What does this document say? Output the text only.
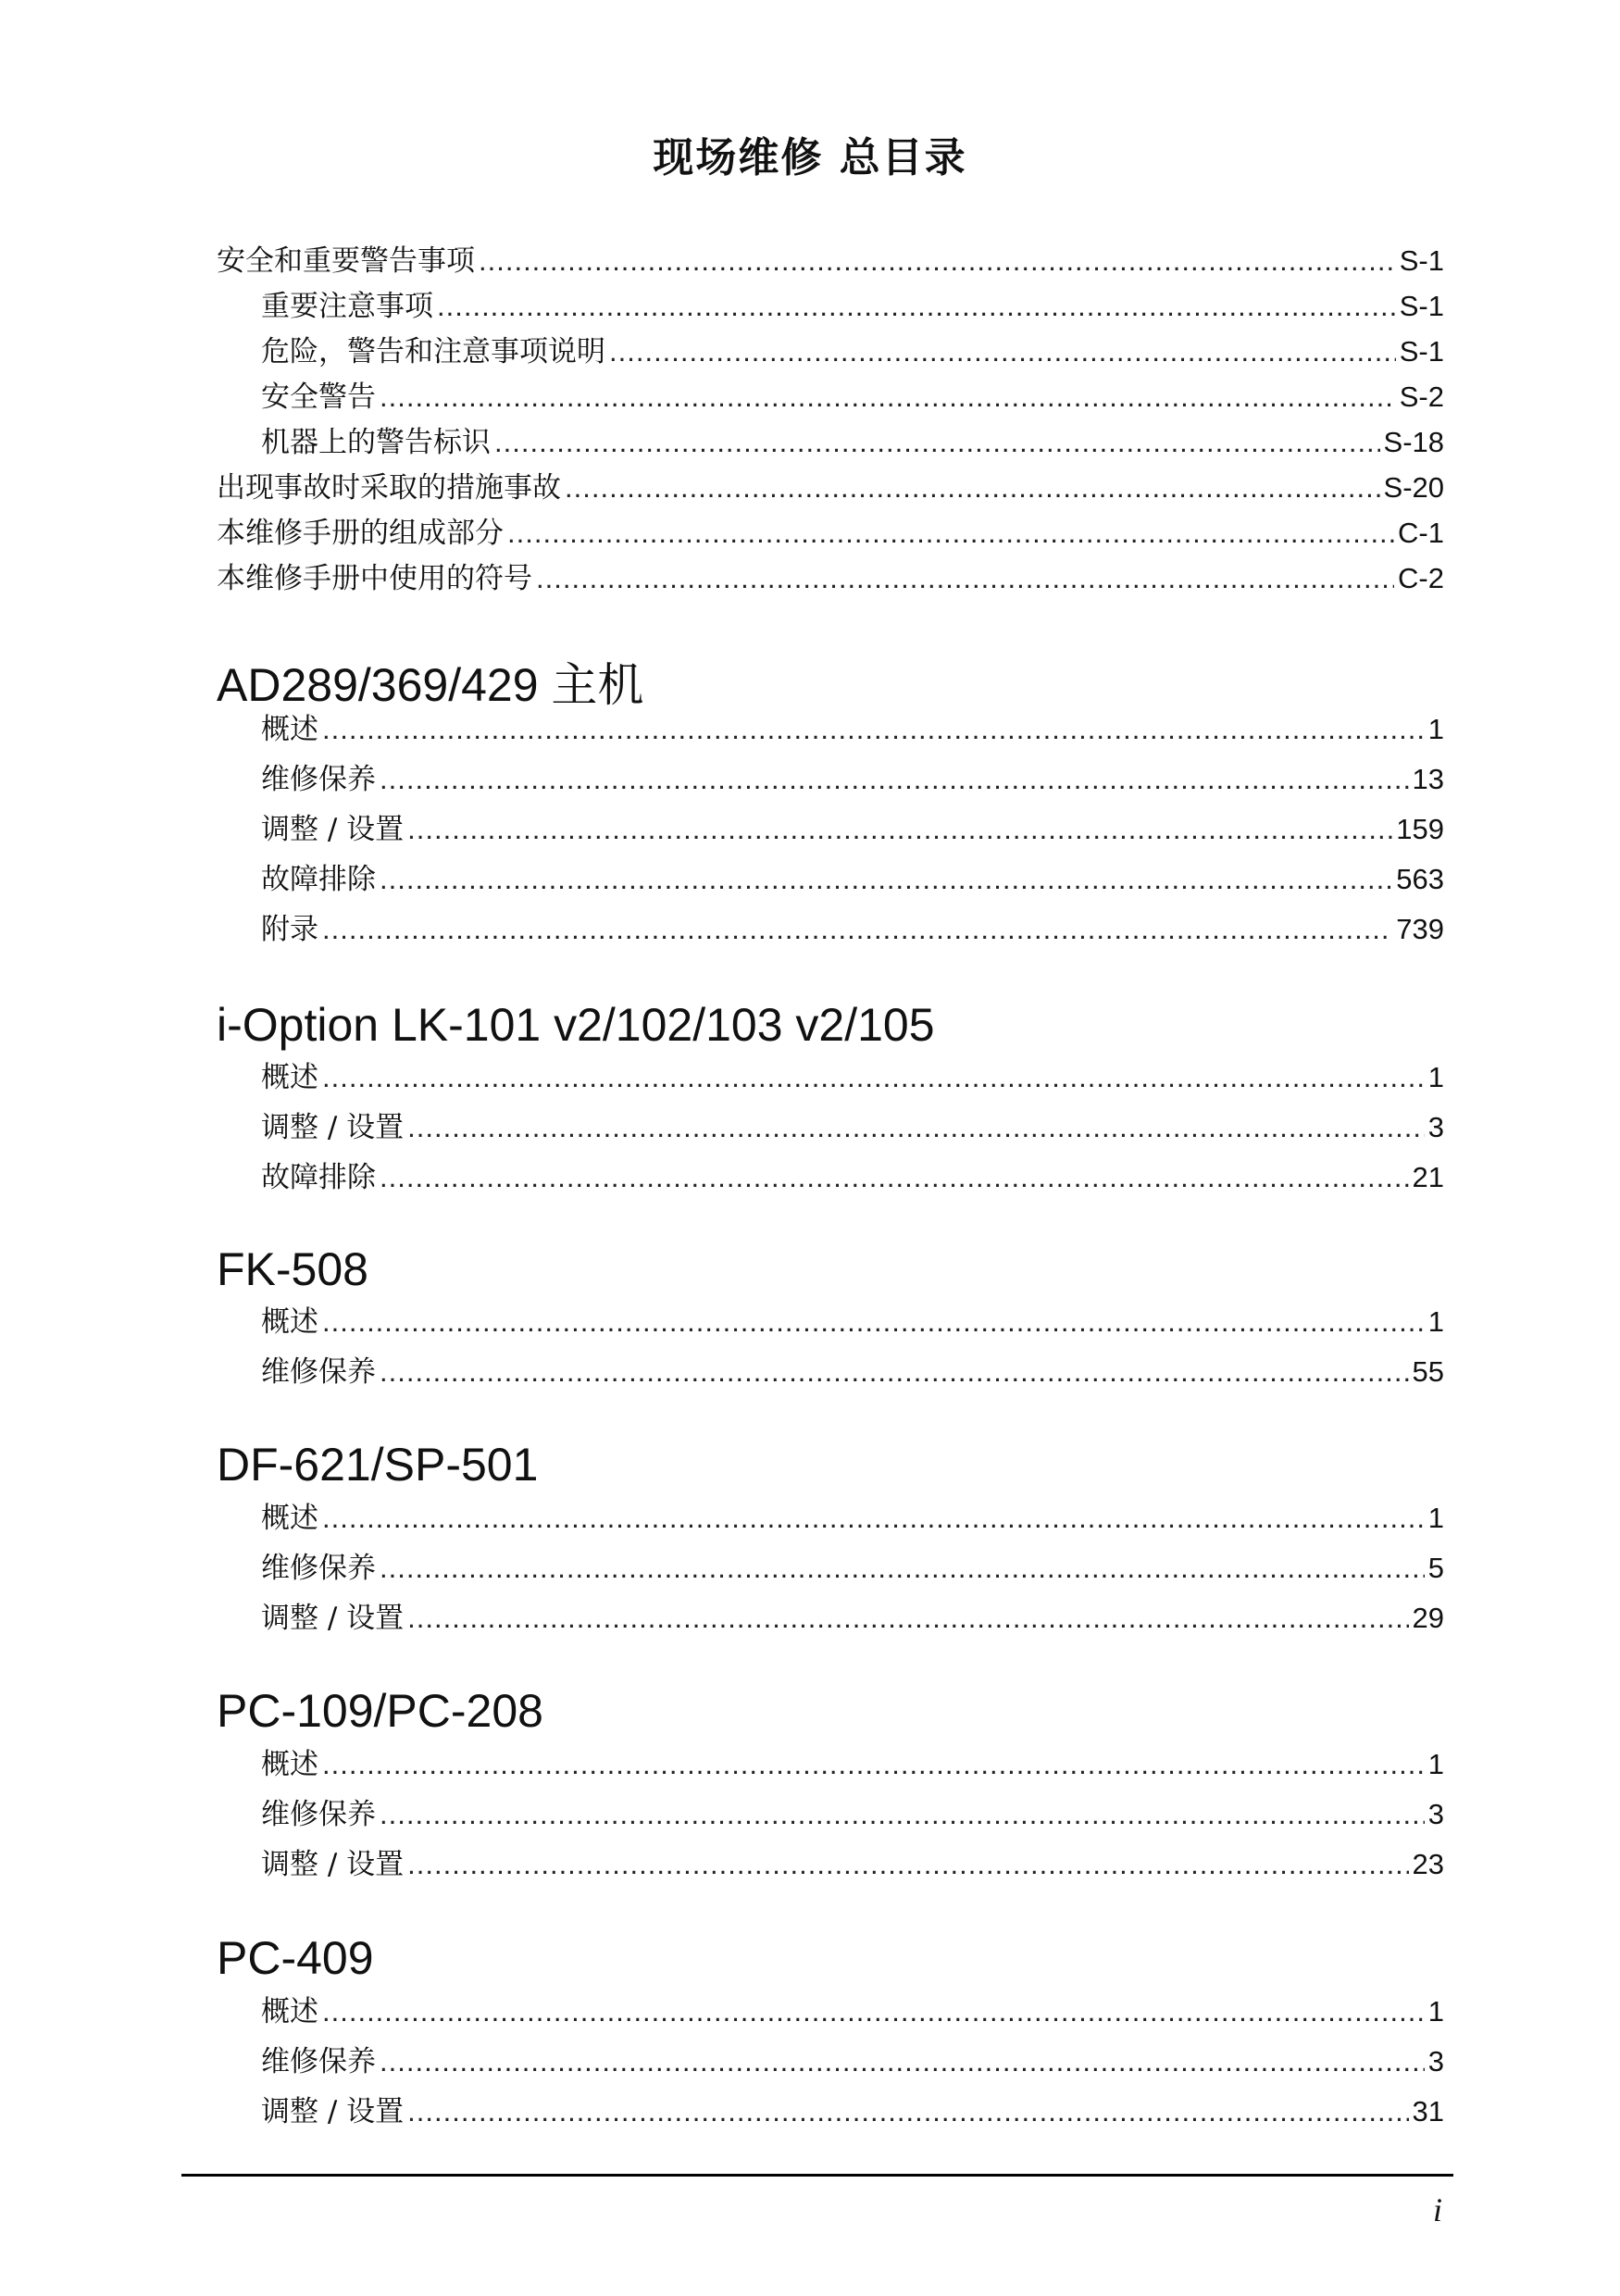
现场维修 总目录
安全和重要警告事项 .....	S-1
重要注意事项 .....	S-1
危险，警告和注意事项说明 .....	S-1
安全警告 .....	S-2
机器上的警告标识 .....	S-18
出现事故时采取的措施事故 .....	S-20
本维修手册的组成部分 .....	C-1
本维修手册中使用的符号 .....	C-2
AD289/369/429 主机
概述 .....	1
维修保养 .....	13
调整 / 设置 .....	159
故障排除 .....	563
附录 .....	739
i-Option LK-101 v2/102/103 v2/105
概述 .....	1
调整 / 设置 .....	3
故障排除 .....	21
FK-508
概述 .....	1
维修保养 .....	55
DF-621/SP-501
概述 .....	1
维修保养 .....	5
调整 / 设置 .....	29
PC-109/PC-208
概述 .....	1
维修保养 .....	3
调整 / 设置 .....	23
PC-409
概述 .....	1
维修保养 .....	3
调整 / 设置 .....	31
i
